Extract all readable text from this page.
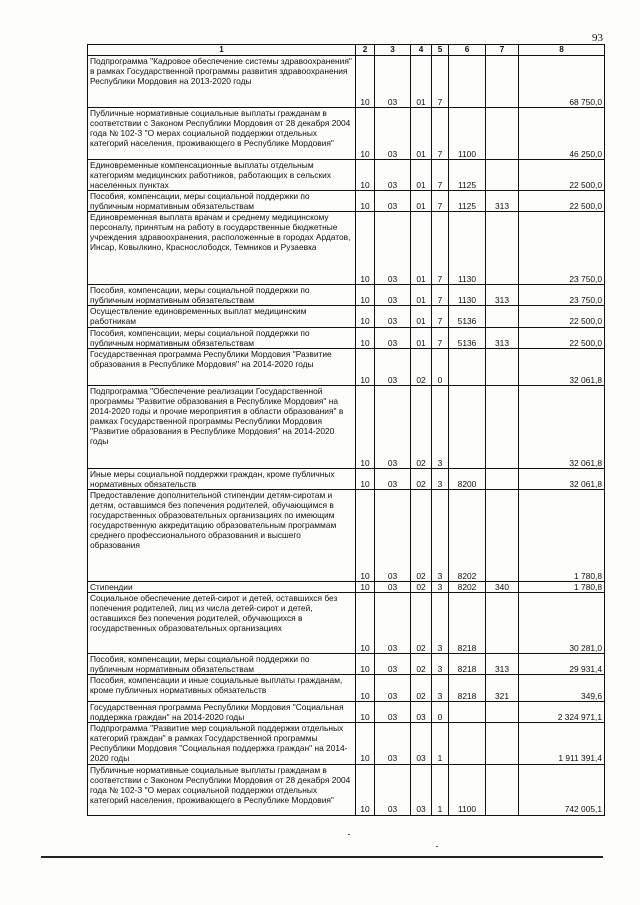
93
1	2	3	4	5	6	7	8
Подпрограмма "Кадровое обеспечение системы здравоохранения" в рамках Государственной программы развития здравоохранения Республики Мордовия на 2013-2020 годы	10	03	01	7			68 750,0
Публичные нормативные социальные выплаты гражданам в соответствии с Законом Республики Мордовия от 28 декабря 2004 года № 102-З "О мерах социальной поддержки отдельных категорий населения, проживающего в Республике Мордовия"	10	03	01	7	1100		46 250,0
Единовременные компенсационные выплаты отдельным категориям медицинских работников, работающих в сельских населенных пунктах	10	03	01	7	1125		22 500,0
Пособия, компенсации, меры социальной поддержки по публичным нормативным обязательствам	10	03	01	7	1125	313	22 500,0
Единовременная выплата врачам и среднему медицинскому персоналу, принятым на работу в государственные бюджетные учреждения здравоохранения, расположенные в городах Ардатов, Инсар, Ковылкино, Краснослободск, Темников и Рузаевка	10	03	01	7	1130		23 750,0
Пособия, компенсации, меры социальной поддержки по публичным нормативным обязательствам	10	03	01	7	1130	313	23 750,0
Осуществление единовременных выплат медицинским работникам	10	03	01	7	5136		22 500,0
Пособия, компенсации, меры социальной поддержки по публичным нормативным обязательствам	10	03	01	7	5136	313	22 500,0
Государственная программа Республики Мордовия "Развитие образования в Республике Мордовия" на 2014-2020 годы	10	03	02	0			32 061,8
Подпрограмма "Обеспечение реализации Государственной программы "Развитие образования в Республике Мордовия" на 2014-2020 годы и прочие мероприятия в области образования" в рамках Государственной программы Республики Мордовия "Развитие образования в Республике Мордовия" на 2014-2020 годы	10	03	02	3			32 061,8
Иные меры социальной поддержки граждан, кроме публичных нормативных обязательств	10	03	02	3	8200		32 061,8
Предоставление дополнительной стипендии детям-сиротам и детям, оставшимся без попечения родителей, обучающимся в государственных образовательных организациях по имеющим государственную аккредитацию образовательным программам среднего профессионального образования и высшего образования	10	03	02	3	8202		1 780,8
Стипендии	10	03	02	3	8202	340	1 780,8
Социальное обеспечение детей-сирот и детей, оставшихся без попечения родителей, лиц из числа детей-сирот и детей, оставшихся без попечения родителей, обучающихся в государственных образовательных организациях	10	03	02	3	8218		30 281,0
Пособия, компенсации, меры социальной поддержки по публичным нормативным обязательствам	10	03	02	3	8218	313	29 931,4
Пособия, компенсации и иные социальные выплаты гражданам, кроме публичных нормативных обязательств	10	03	02	3	8218	321	349,6
Государственная программа Республики Мордовия "Социальная поддержка граждан" на 2014-2020 годы	10	03	03	0			2 324 971,1
Подпрограмма "Развитие мер социальной поддержки отдельных категорий граждан" в рамках Государственной программы Республики Мордовия "Социальная поддержка граждан" на 2014-2020 годы	10	03	03	1			1 911 391,4
Публичные нормативные социальные выплаты гражданам в соответствии с Законом Республики Мордовия от 28 декабря 2004 года № 102-З "О мерах социальной поддержки отдельных категорий населения, проживающего в Республике Мордовия"	10	03	03	1	1100		742 005,1
